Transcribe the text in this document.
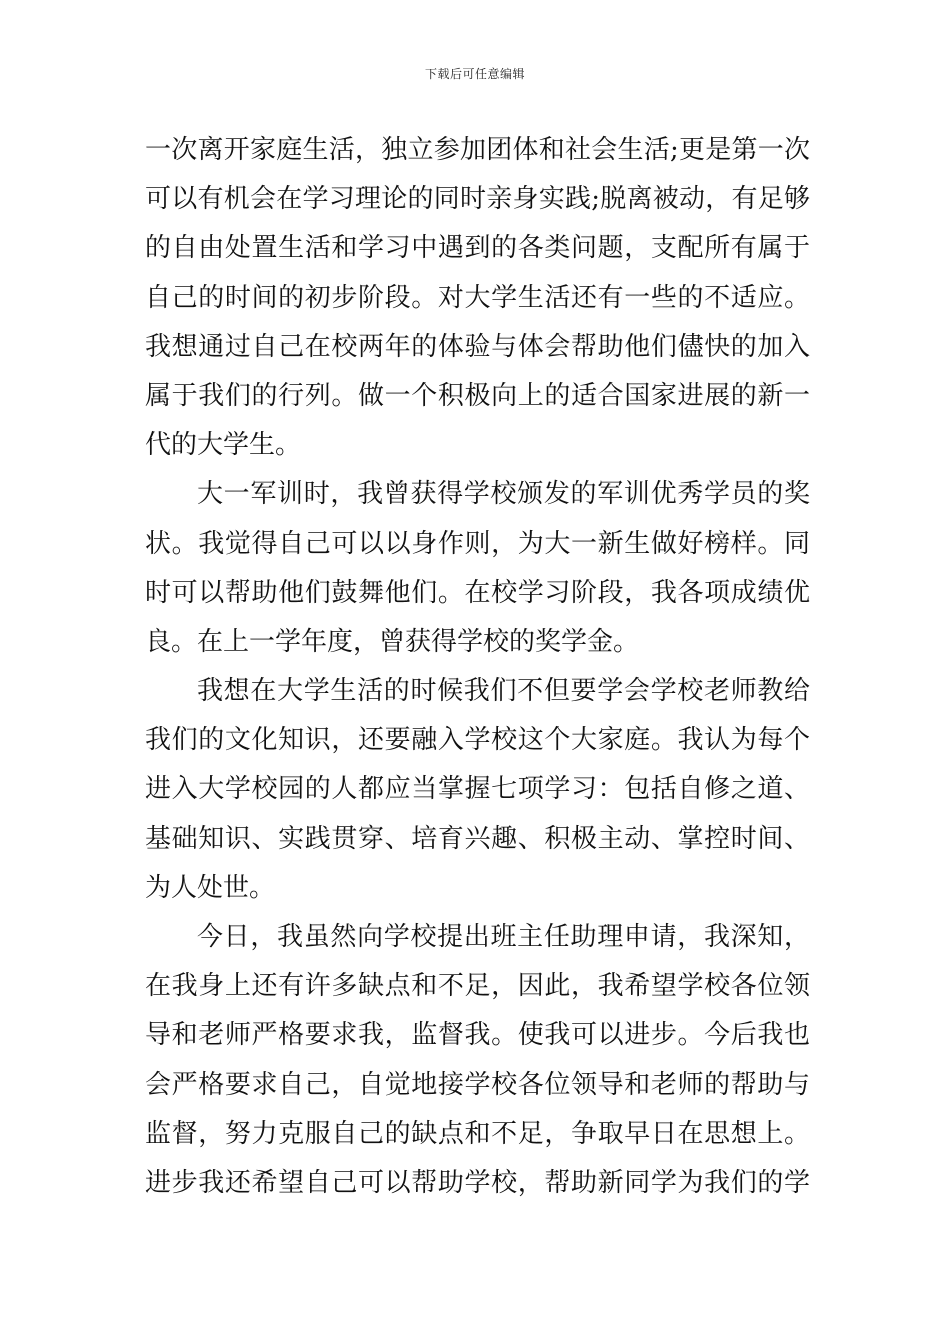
下载后可任意编辑
一次离开家庭生活，独立参加团体和社会生活;更是第一次
可以有机会在学习理论的同时亲身实践;脱离被动，有足够
的自由处置生活和学习中遇到的各类问题，支配所有属于
自己的时间的初步阶段。对大学生活还有一些的不适应。
我想通过自己在校两年的体验与体会帮助他们儘快的加入
属于我们的行列。做一个积极向上的适合国家进展的新一
代的大学生。
大一军训时，我曾获得学校颁发的军训优秀学员的奖
状。我觉得自己可以以身作则，为大一新生做好榜样。同
时可以帮助他们鼓舞他们。在校学习阶段，我各项成绩优
良。在上一学年度，曾获得学校的奖学金。
我想在大学生活的时候我们不但要学会学校老师教给
我们的文化知识，还要融入学校这个大家庭。我认为每个
进入大学校园的人都应当掌握七项学习：包括自修之道、
基础知识、实践贯穿、培育兴趣、积极主动、掌控时间、
为人处世。
今日，我虽然向学校提出班主任助理申请，我深知，
在我身上还有许多缺点和不足，因此，我希望学校各位领
导和老师严格要求我，监督我。使我可以进步。今后我也
会严格要求自己，自觉地接学校各位领导和老师的帮助与
监督，努力克服自己的缺点和不足，争取早日在思想上。
进步我还希望自己可以帮助学校，帮助新同学为我们的学
